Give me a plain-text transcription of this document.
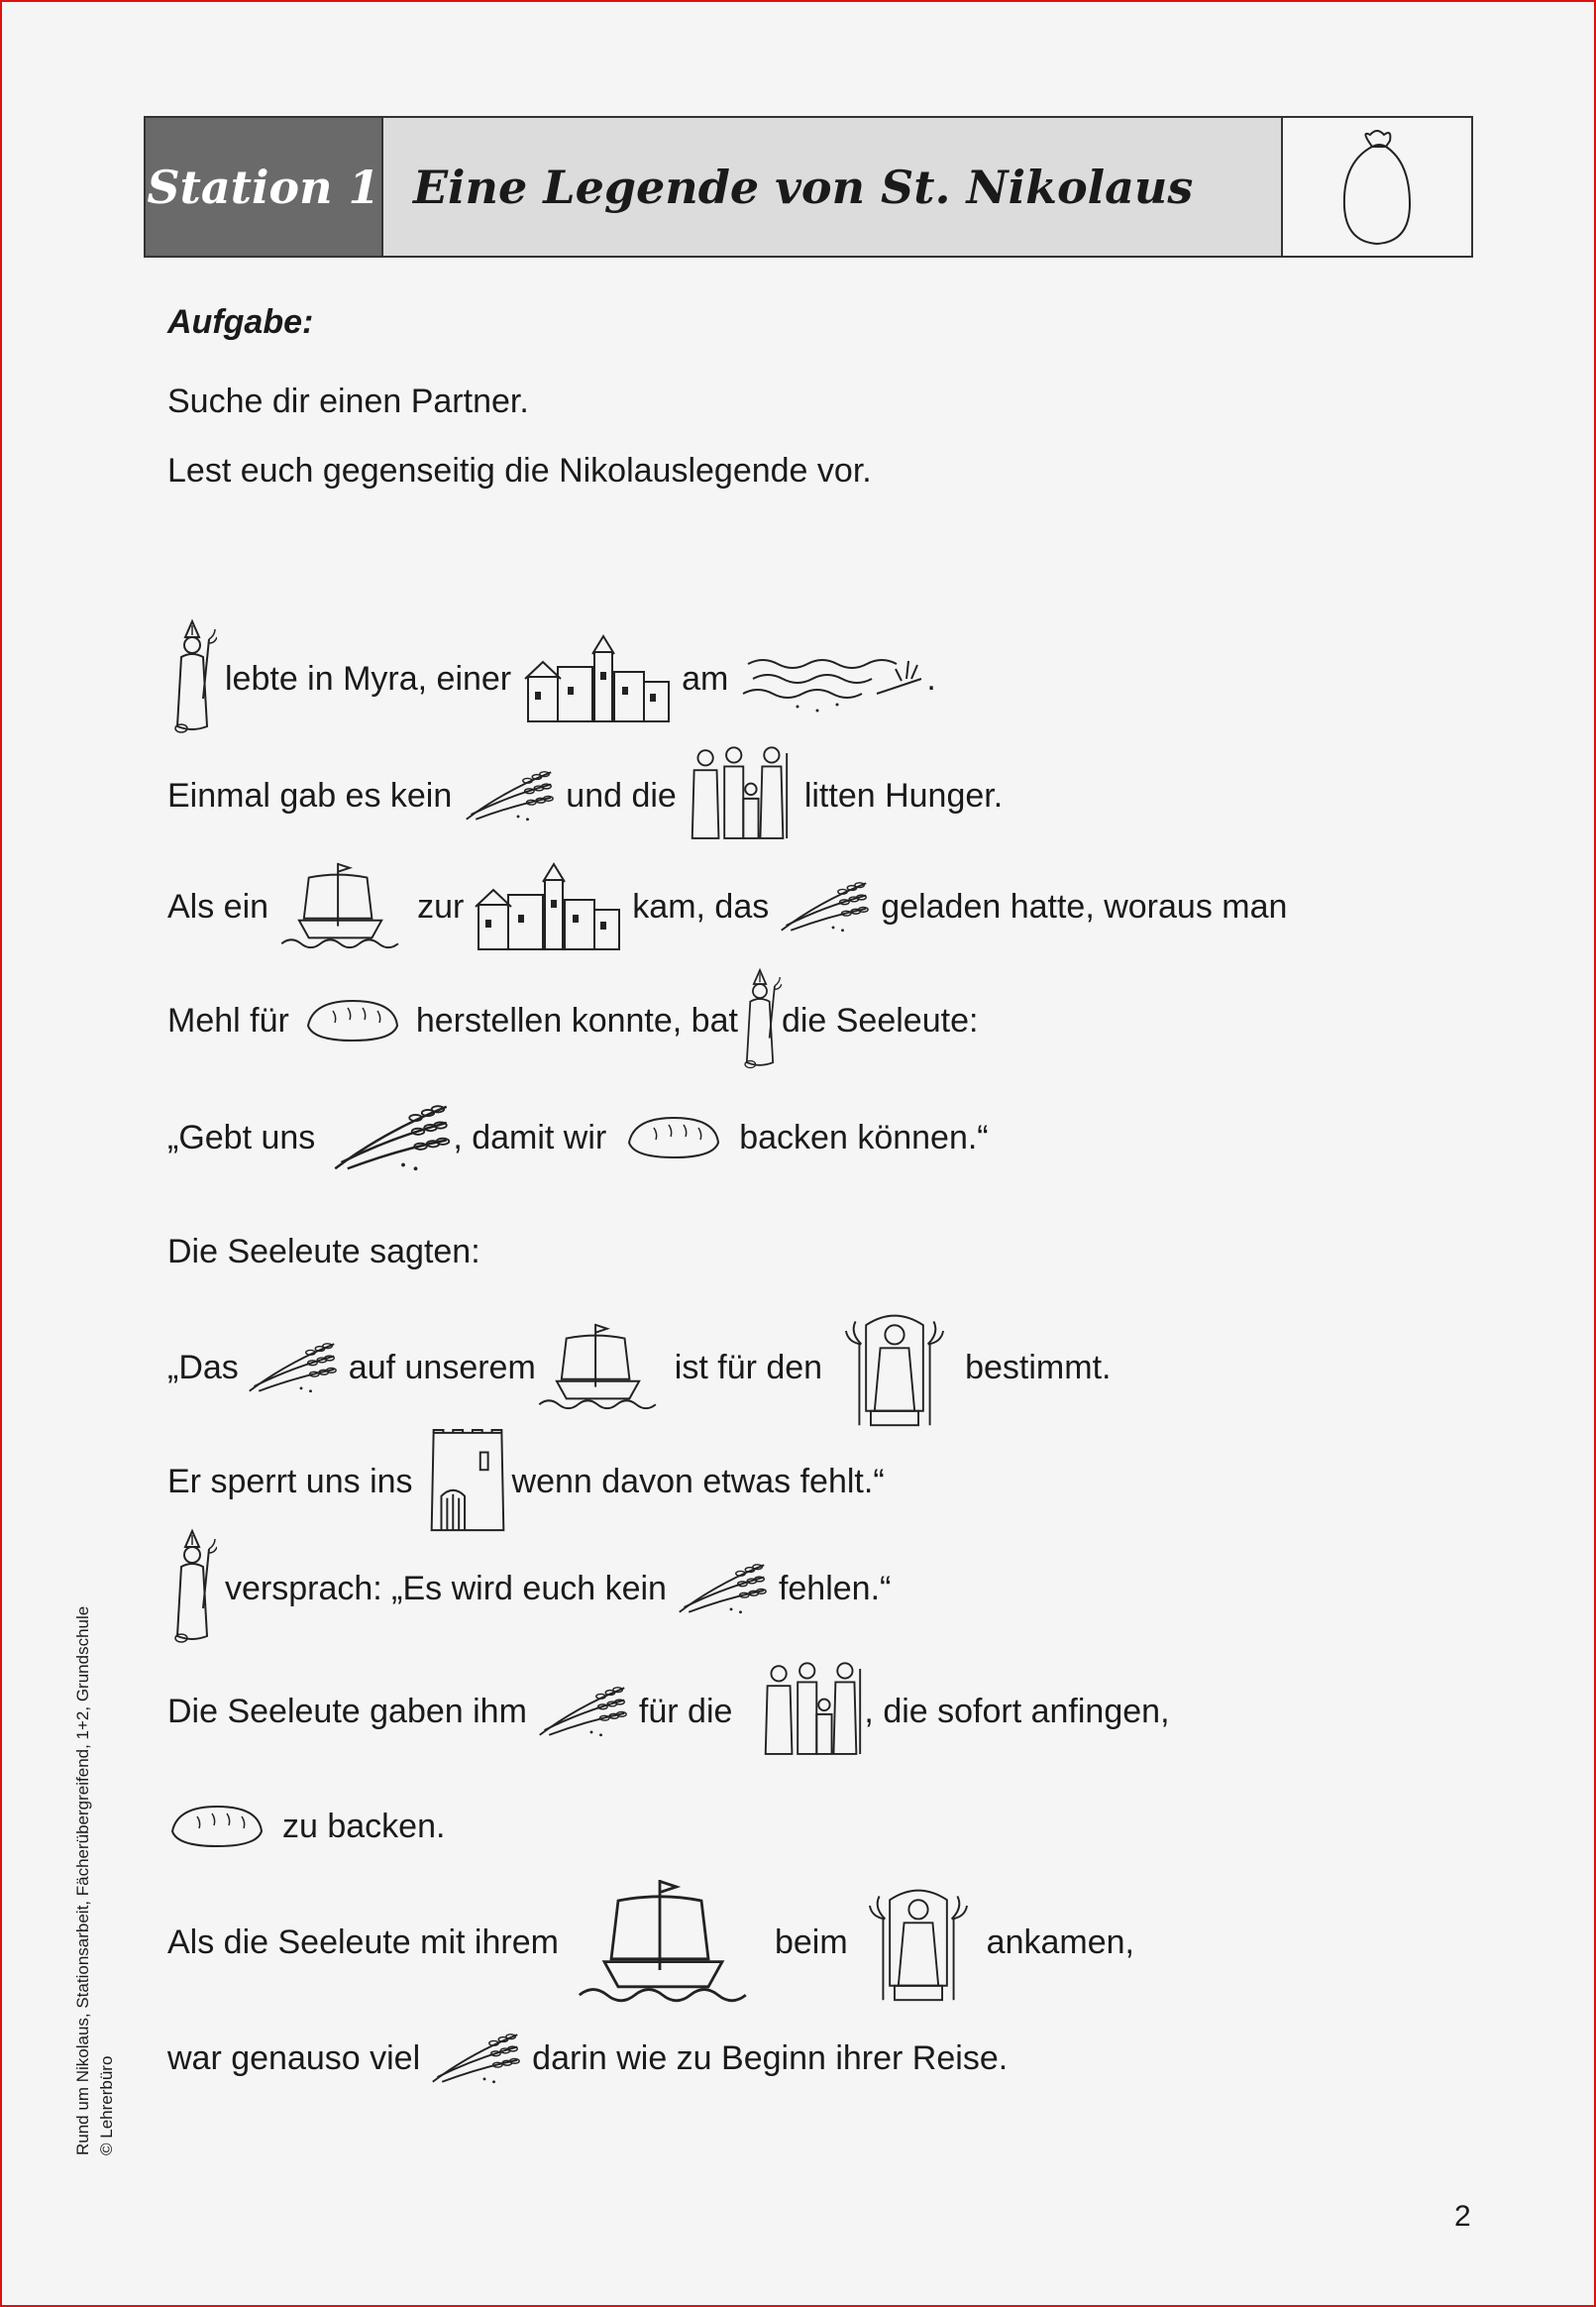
Station 1 Eine Legende von St. Nikolaus
Aufgabe:
Suche dir einen Partner.
Lest euch gegenseitig die Nikolauslegende vor.
lebte in Myra, einer	am	.
Einmal gab es kein	und die	litten Hunger.
Als ein	zur	kam, das	geladen hatte, woraus man
Mehl für	herstellen konnte, bat die Seeleute:
„Gebt uns	, damit wir	backen können.“
Die Seeleute sagten:
„Das	auf unserem	ist für den	bestimmt.
Er sperrt uns ins	wenn davon etwas fehlt.“
versprach: „Es wird euch kein	fehlen.“
Die Seeleute gaben ihm	für die	, die sofort anfingen,
zu backen.
Als die Seeleute mit ihrem	beim	ankamen,
war genauso viel	darin wie zu Beginn ihrer Reise.
Rund um Nikolaus, Stationsarbeit, Fächerübergreifend, 1+2, Grundschule © Lehrerbüro
2
